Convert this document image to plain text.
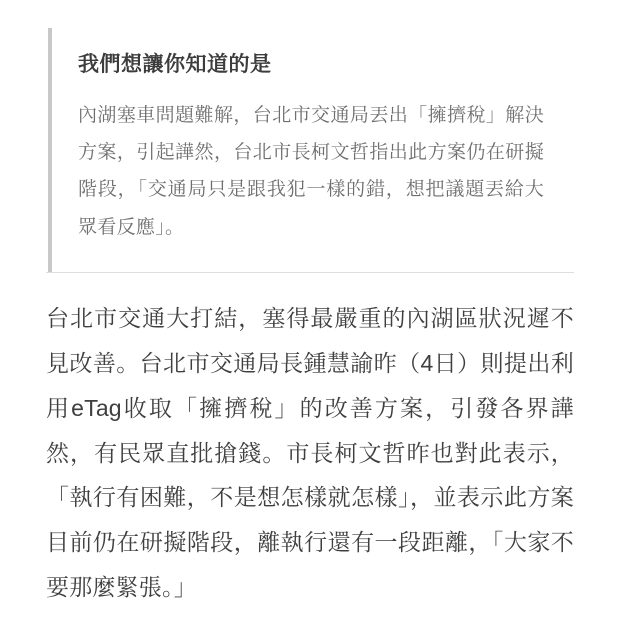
我們想讓你知道的是

內湖塞車問題難解，台北市交通局丟出「擁擠稅」解決方案，引起譁然，台北市長柯文哲指出此方案仍在研擬階段，「交通局只是跟我犯一樣的錯，想把議題丟給大眾看反應」。

台北市交通大打結，塞得最嚴重的內湖區狀況遲不見改善。台北市交通局長鍾慧諭昨（4日）則提出利用eTag收取「擁擠稅」的改善方案，引發各界譁然，有民眾直批搶錢。市長柯文哲昨也對此表示，「執行有困難，不是想怎樣就怎樣」，並表示此方案目前仍在研擬階段，離執行還有一段距離，「大家不要那麼緊張。」
